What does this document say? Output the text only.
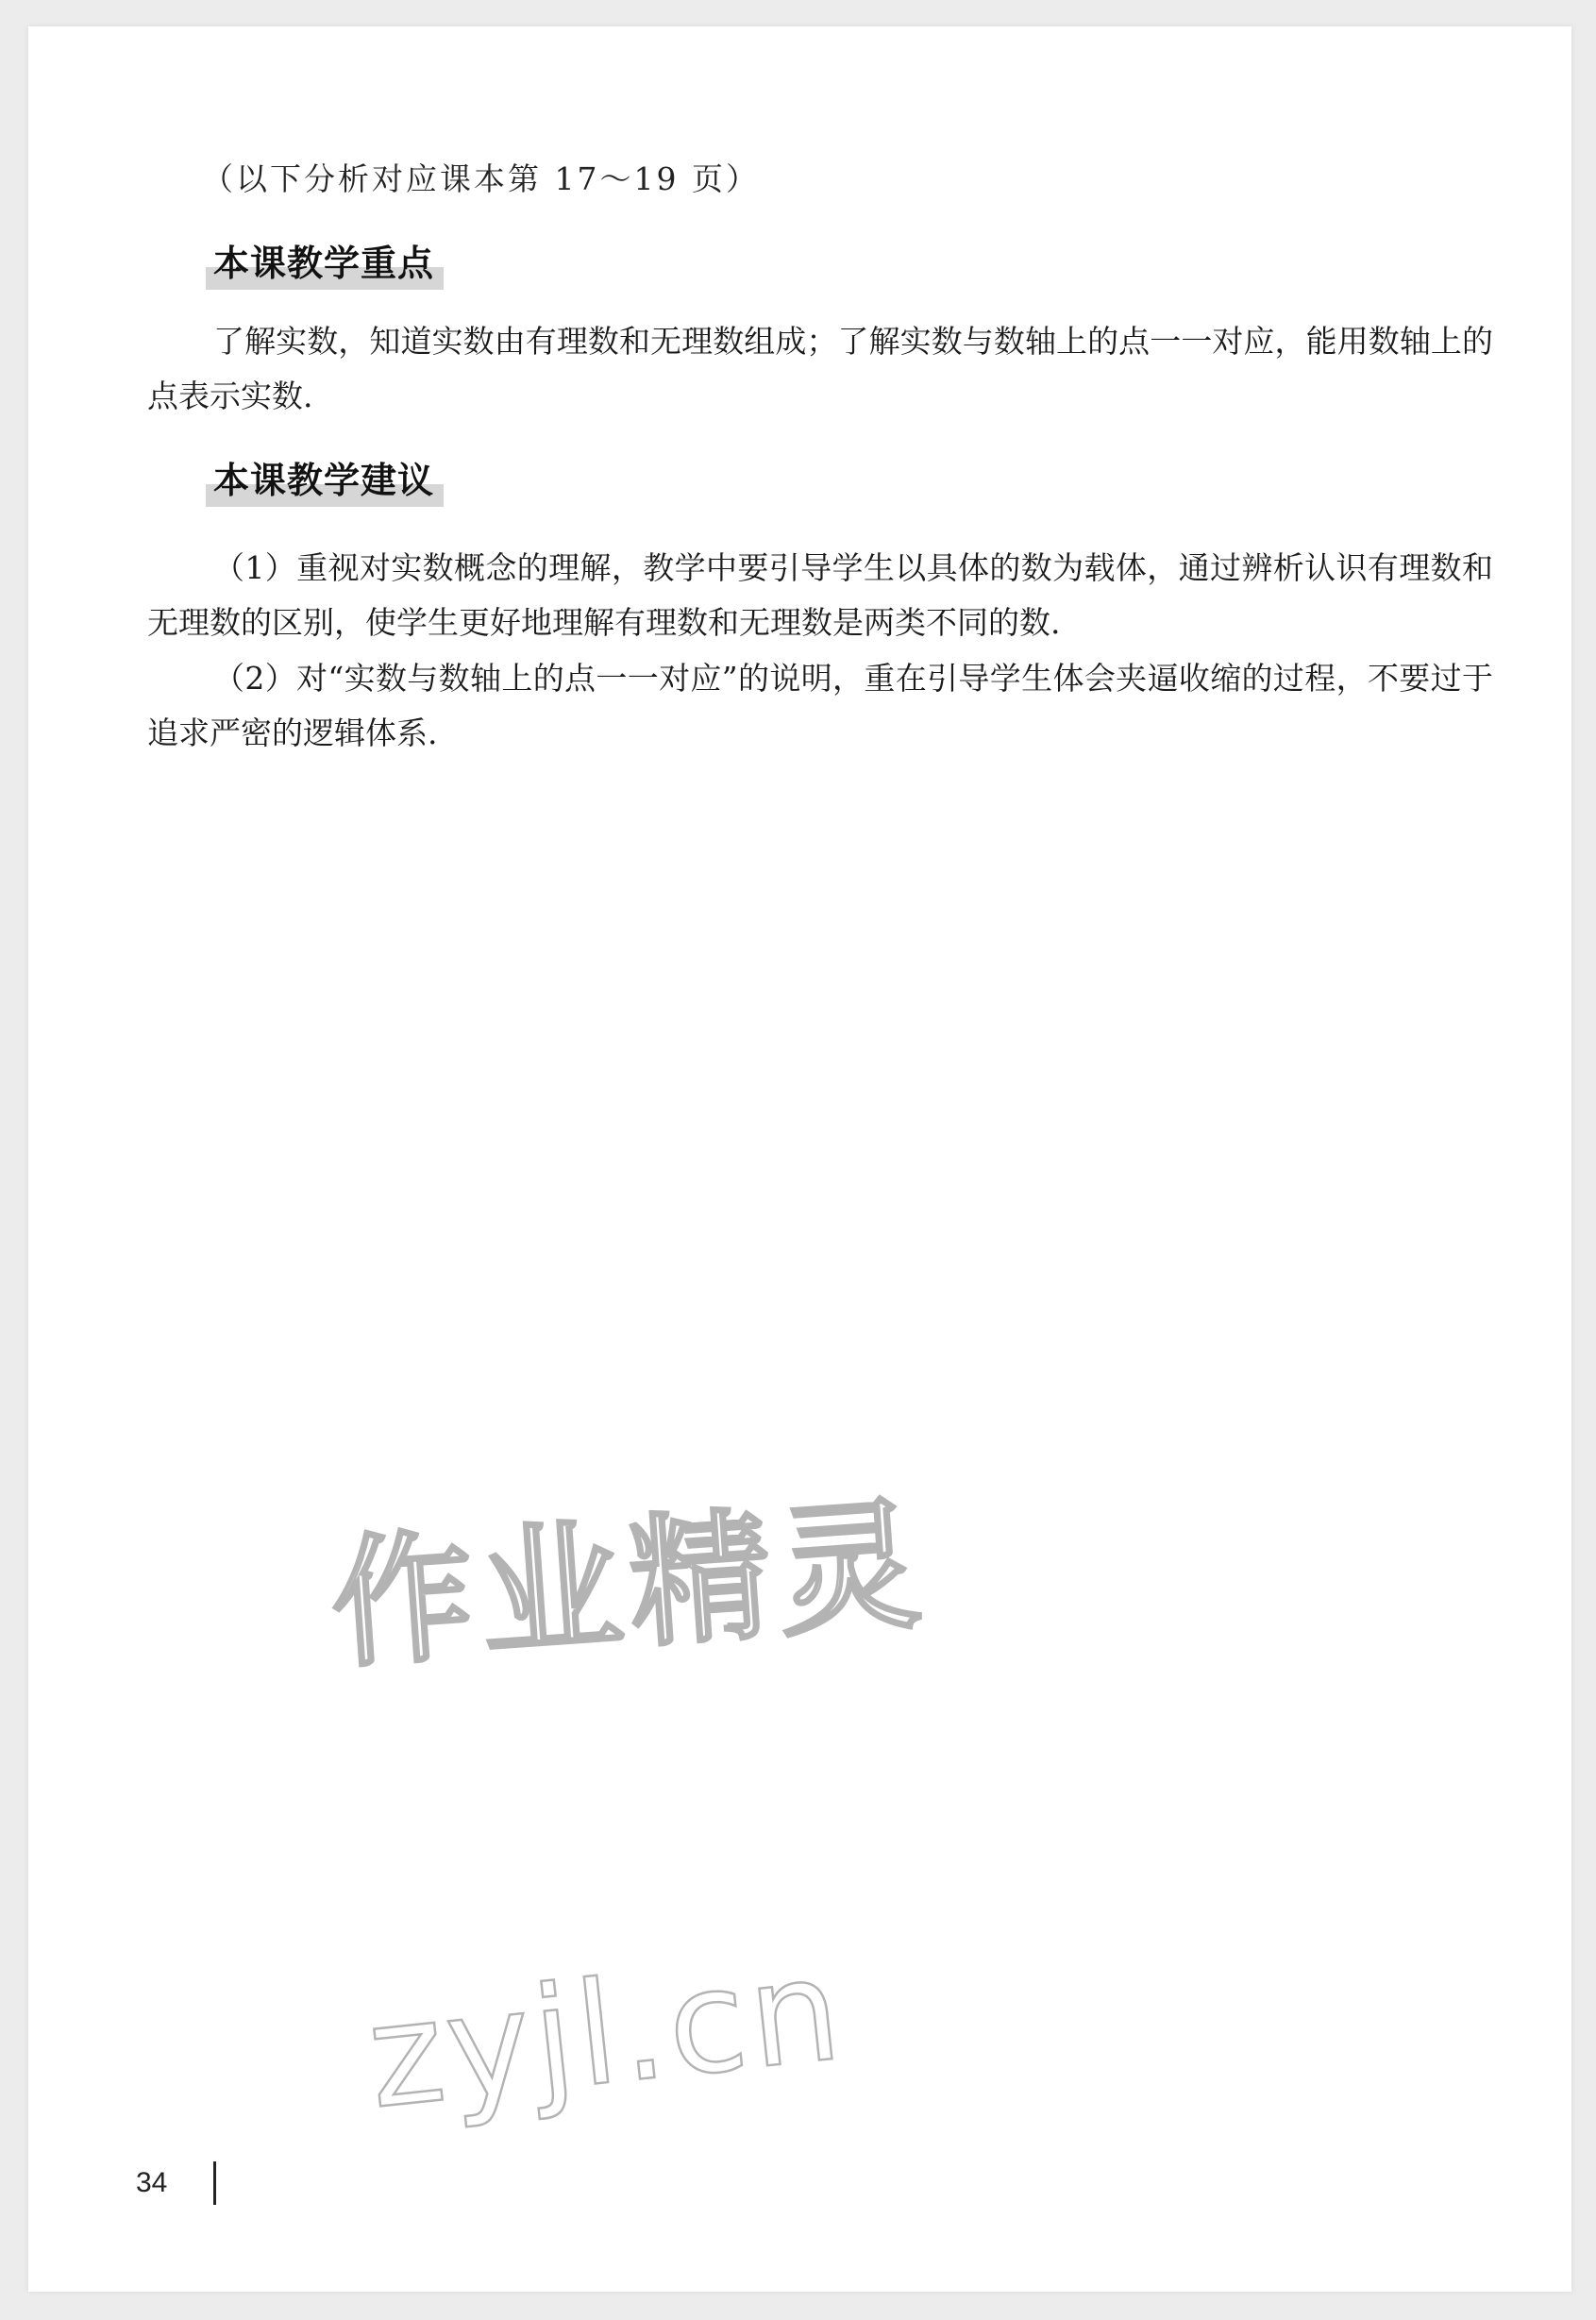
（以下分析对应课本第 17～19 页）
本课教学重点
了解实数，知道实数由有理数和无理数组成；了解实数与数轴上的点一一对应，能用数轴上的点表示实数.
本课教学建议
（1）重视对实数概念的理解，教学中要引导学生以具体的数为载体，通过辨析认识有理数和无理数的区别，使学生更好地理解有理数和无理数是两类不同的数.
（2）对“实数与数轴上的点一一对应”的说明，重在引导学生体会夹逼收缩的过程，不要过于追求严密的逻辑体系.
作业精灵
zyjl.cn
34
